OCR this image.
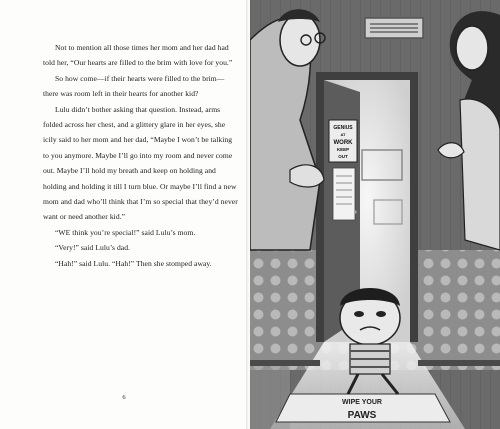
Not to mention all those times her mom and her dad had told her, “Our hearts are filled to the brim with love for you.”

So how come—if their hearts were filled to the brim—there was room left in their hearts for another kid?

Lulu didn’t bother asking that question. Instead, arms folded across her chest, and a glittery glare in her eyes, she icily said to her mom and her dad, “Maybe I won’t be talking to you anymore. Maybe I’ll go into my room and never come out. Maybe I’ll hold my breath and keep on holding and holding and holding it till I turn blue. Or maybe I’ll find a new mom and dad who’ll think that I’m so special that they’d never want or need another kid.”

“WE think you’re special!” said Lulu’s mom.

“Very!” said Lulu’s dad.

“Hah!” said Lulu. “Hah!” Then she stomped away.

6
GENIUS
AT
WORK
KEEP
OUT
WIPE YOUR
PAWS
